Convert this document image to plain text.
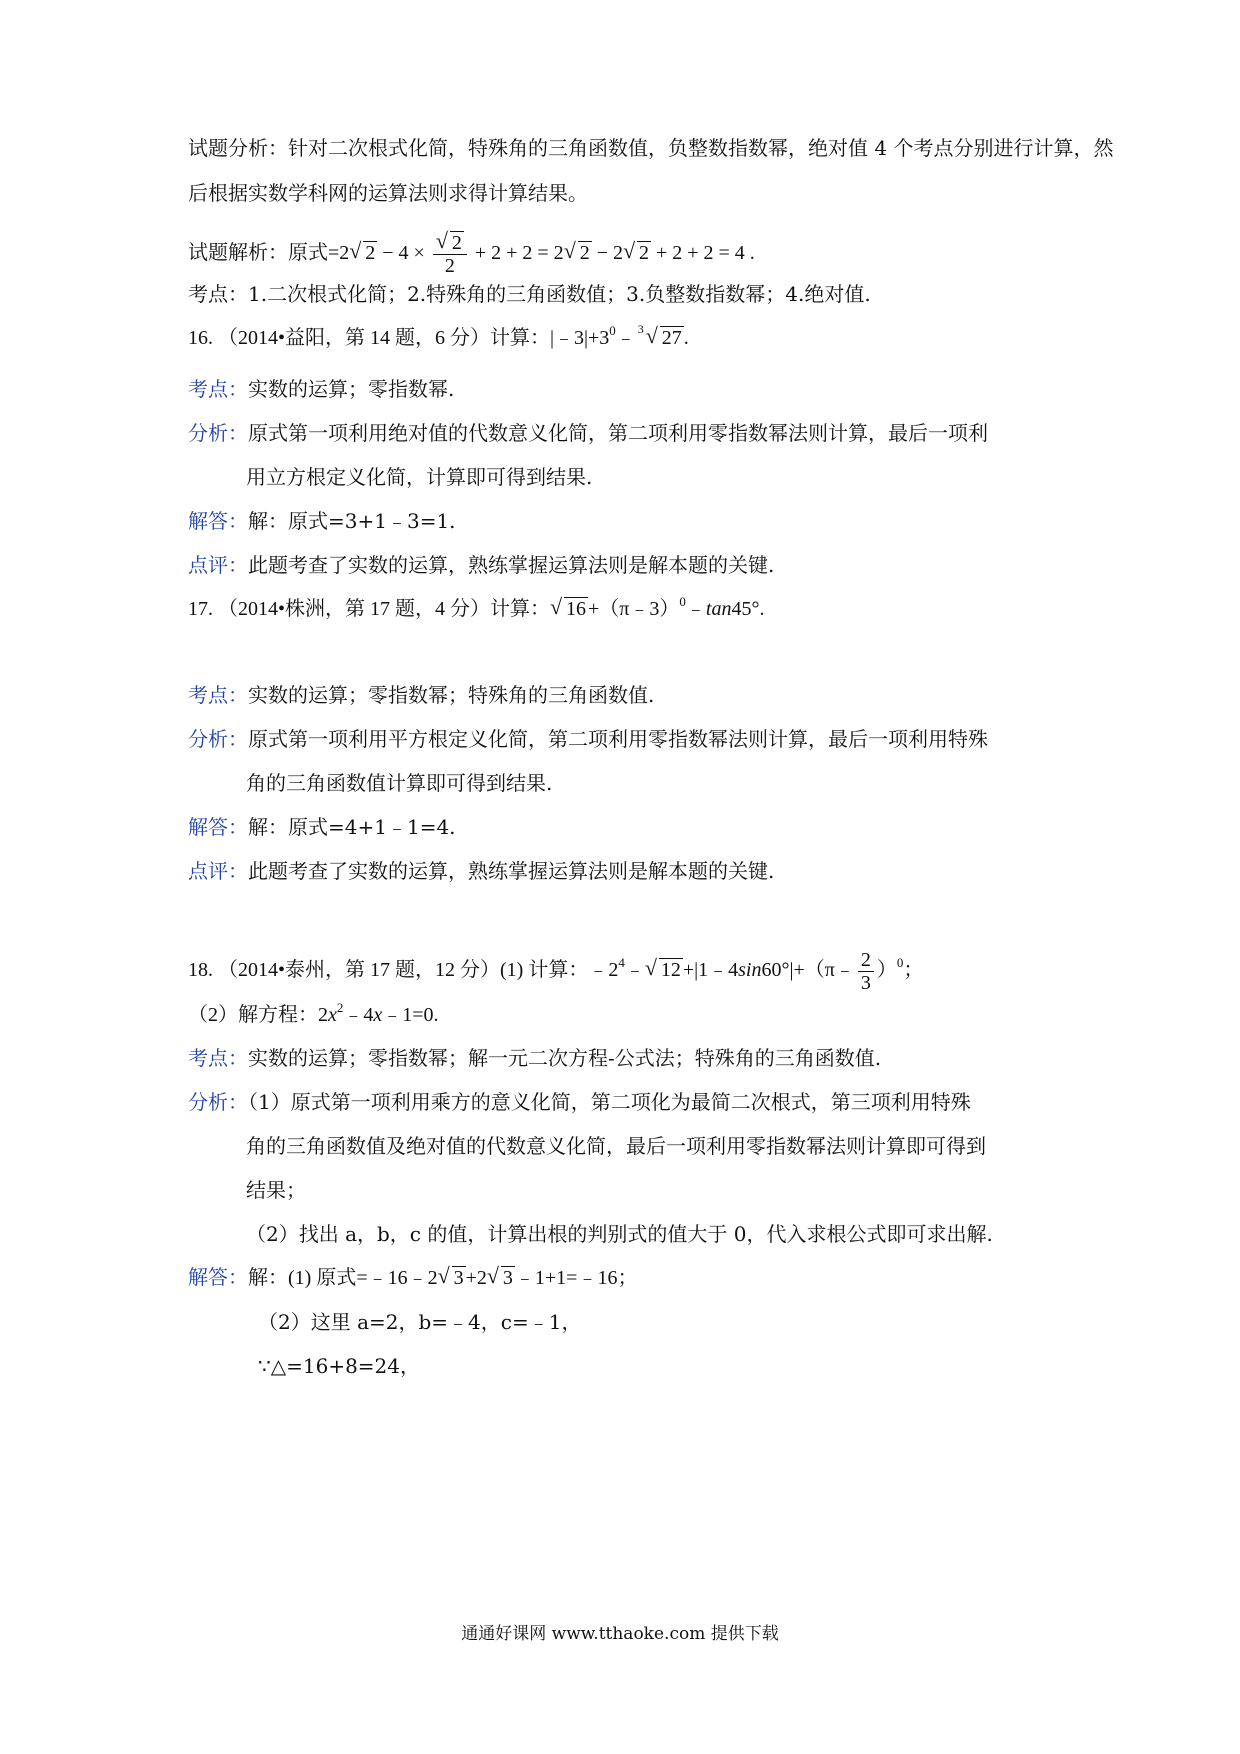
试题分析：针对二次根式化简，特殊角的三角函数值，负整数指数幂，绝对值 4 个考点分别进行计算，然
后根据实数学科网的运算法则求得计算结果。
试题解析：原式=2 √ $2 - 4 \times \frac{√ 2}{2} + 2 + 2 = 2$ √ 2 − 2 √ 2 + 2 + 2 = 4 .
考点：1.二次根式化简；2.特殊角的三角函数值；3.负整数指数幂；4.绝对值.
16. （2014•益阳，第 14 题，6 分）计算：$|﹣3|+3^0﹣$ 3 √ 27 .
考点：实数的运算；零指数幂.
分析：原式第一项利用绝对值的代数意义化简，第二项利用零指数幂法则计算，最后一项利
用立方根定义化简，计算即可得到结果.
解答：解：原式=3+1﹣3=1.
点评：此题考查了实数的运算，熟练掌握运算法则是解本题的关键.
17. （2014•株洲，第 17 题，4 分）计算： √ 16 +（π﹣3）$^0$﹣tan45°.
考点：实数的运算；零指数幂；特殊角的三角函数值.
分析：原式第一项利用平方根定义化简，第二项利用零指数幂法则计算，最后一项利用特殊
角的三角函数值计算即可得到结果.
解答：解：原式=4+1﹣1=4.
点评：此题考查了实数的运算，熟练掌握运算法则是解本题的关键.
18. （2014•泰州，第 17 题，12 分）(1) 计算：$﹣2^4﹣$ √ 12 +|1﹣4sin60°|+（π﹣ $\frac{2}{3} )^0$；
（2）解方程：$2x^2﹣4x﹣1=0$.
考点：实数的运算；零指数幂；解一元二次方程-公式法；特殊角的三角函数值.
分析：（1）原式第一项利用乘方的意义化简，第二项化为最简二次根式，第三项利用特殊
角的三角函数值及绝对值的代数意义化简，最后一项利用零指数幂法则计算即可得到
结果；
（2）找出 a，b，c 的值，计算出根的判别式的值大于 0，代入求根公式即可求出解.
解答：解：(1) 原式=﹣16﹣2 √ 3 +2 √ 3 ﹣1+1=﹣16；
（2）这里 a=2，b=﹣4，c=﹣1，
∵△=16+8=24，
通通好课网 www.tthaoke.com 提供下载
